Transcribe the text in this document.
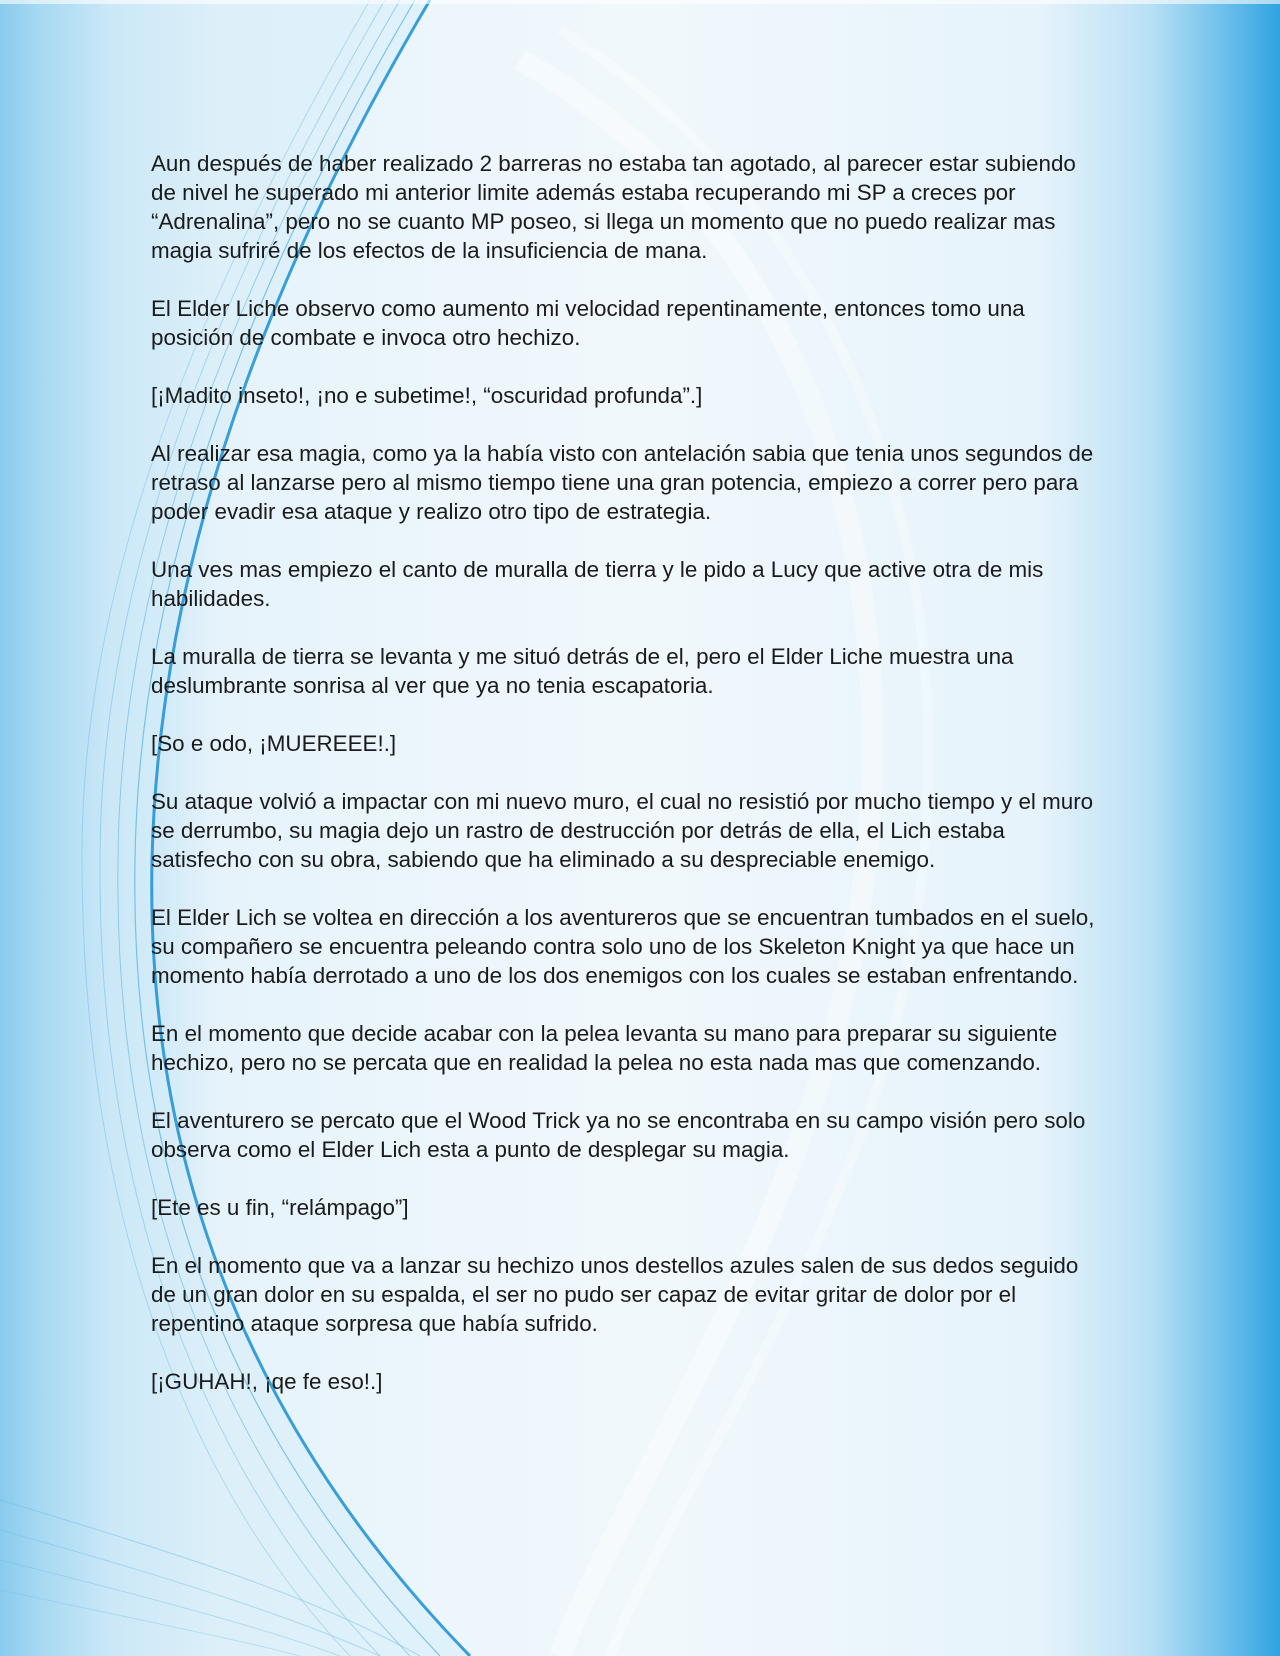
Aun después de haber realizado 2 barreras no estaba tan agotado, al parecer estar subiendo de nivel he superado mi anterior limite además estaba recuperando mi SP a creces por “Adrenalina”, pero no se cuanto MP poseo, si llega un momento que no puedo realizar mas magia sufriré de los efectos de la insuficiencia de mana.

El Elder Liche observo como aumento mi velocidad repentinamente, entonces tomo una posición de combate e invoca otro hechizo.

[¡Madito inseto!, ¡no e subetime!, “oscuridad profunda”.]

Al realizar esa magia, como ya la había visto con antelación sabia que tenia unos segundos de retraso al lanzarse pero al mismo tiempo tiene una gran potencia, empiezo a correr pero para poder evadir esa ataque y realizo otro tipo de estrategia.

Una ves mas empiezo el canto de muralla de tierra y le pido a Lucy que active otra de mis habilidades.

La muralla de tierra se levanta y me situó detrás de el, pero el Elder Liche muestra una deslumbrante sonrisa al ver que ya no tenia escapatoria.

[So e odo, ¡MUEREEE!.]

Su ataque volvió a impactar con mi nuevo muro, el cual no resistió por mucho tiempo y el muro se derrumbo, su magia dejo un rastro de destrucción por detrás de ella, el Lich estaba satisfecho con su obra, sabiendo que ha eliminado a su despreciable enemigo.

El Elder Lich se voltea en dirección a los aventureros que se encuentran tumbados en el suelo, su compañero se encuentra peleando contra solo uno de los Skeleton Knight ya que hace un momento había derrotado a uno de los dos enemigos con los cuales se estaban enfrentando.

En el momento que decide acabar con la pelea levanta su mano para preparar su siguiente hechizo, pero no se percata que en realidad la pelea no esta nada mas que comenzando.

El aventurero se percato que el Wood Trick ya no se encontraba en su campo visión pero solo observa como el Elder Lich esta a punto de desplegar su magia.

[Ete es u fin, “relámpago”]

En el momento que va a lanzar su hechizo unos destellos azules salen de sus dedos seguido de un gran dolor en su espalda, el ser no pudo ser capaz de evitar gritar de dolor por el repentino ataque sorpresa que había sufrido.

[¡GUHAH!, ¡qe fe eso!.]
